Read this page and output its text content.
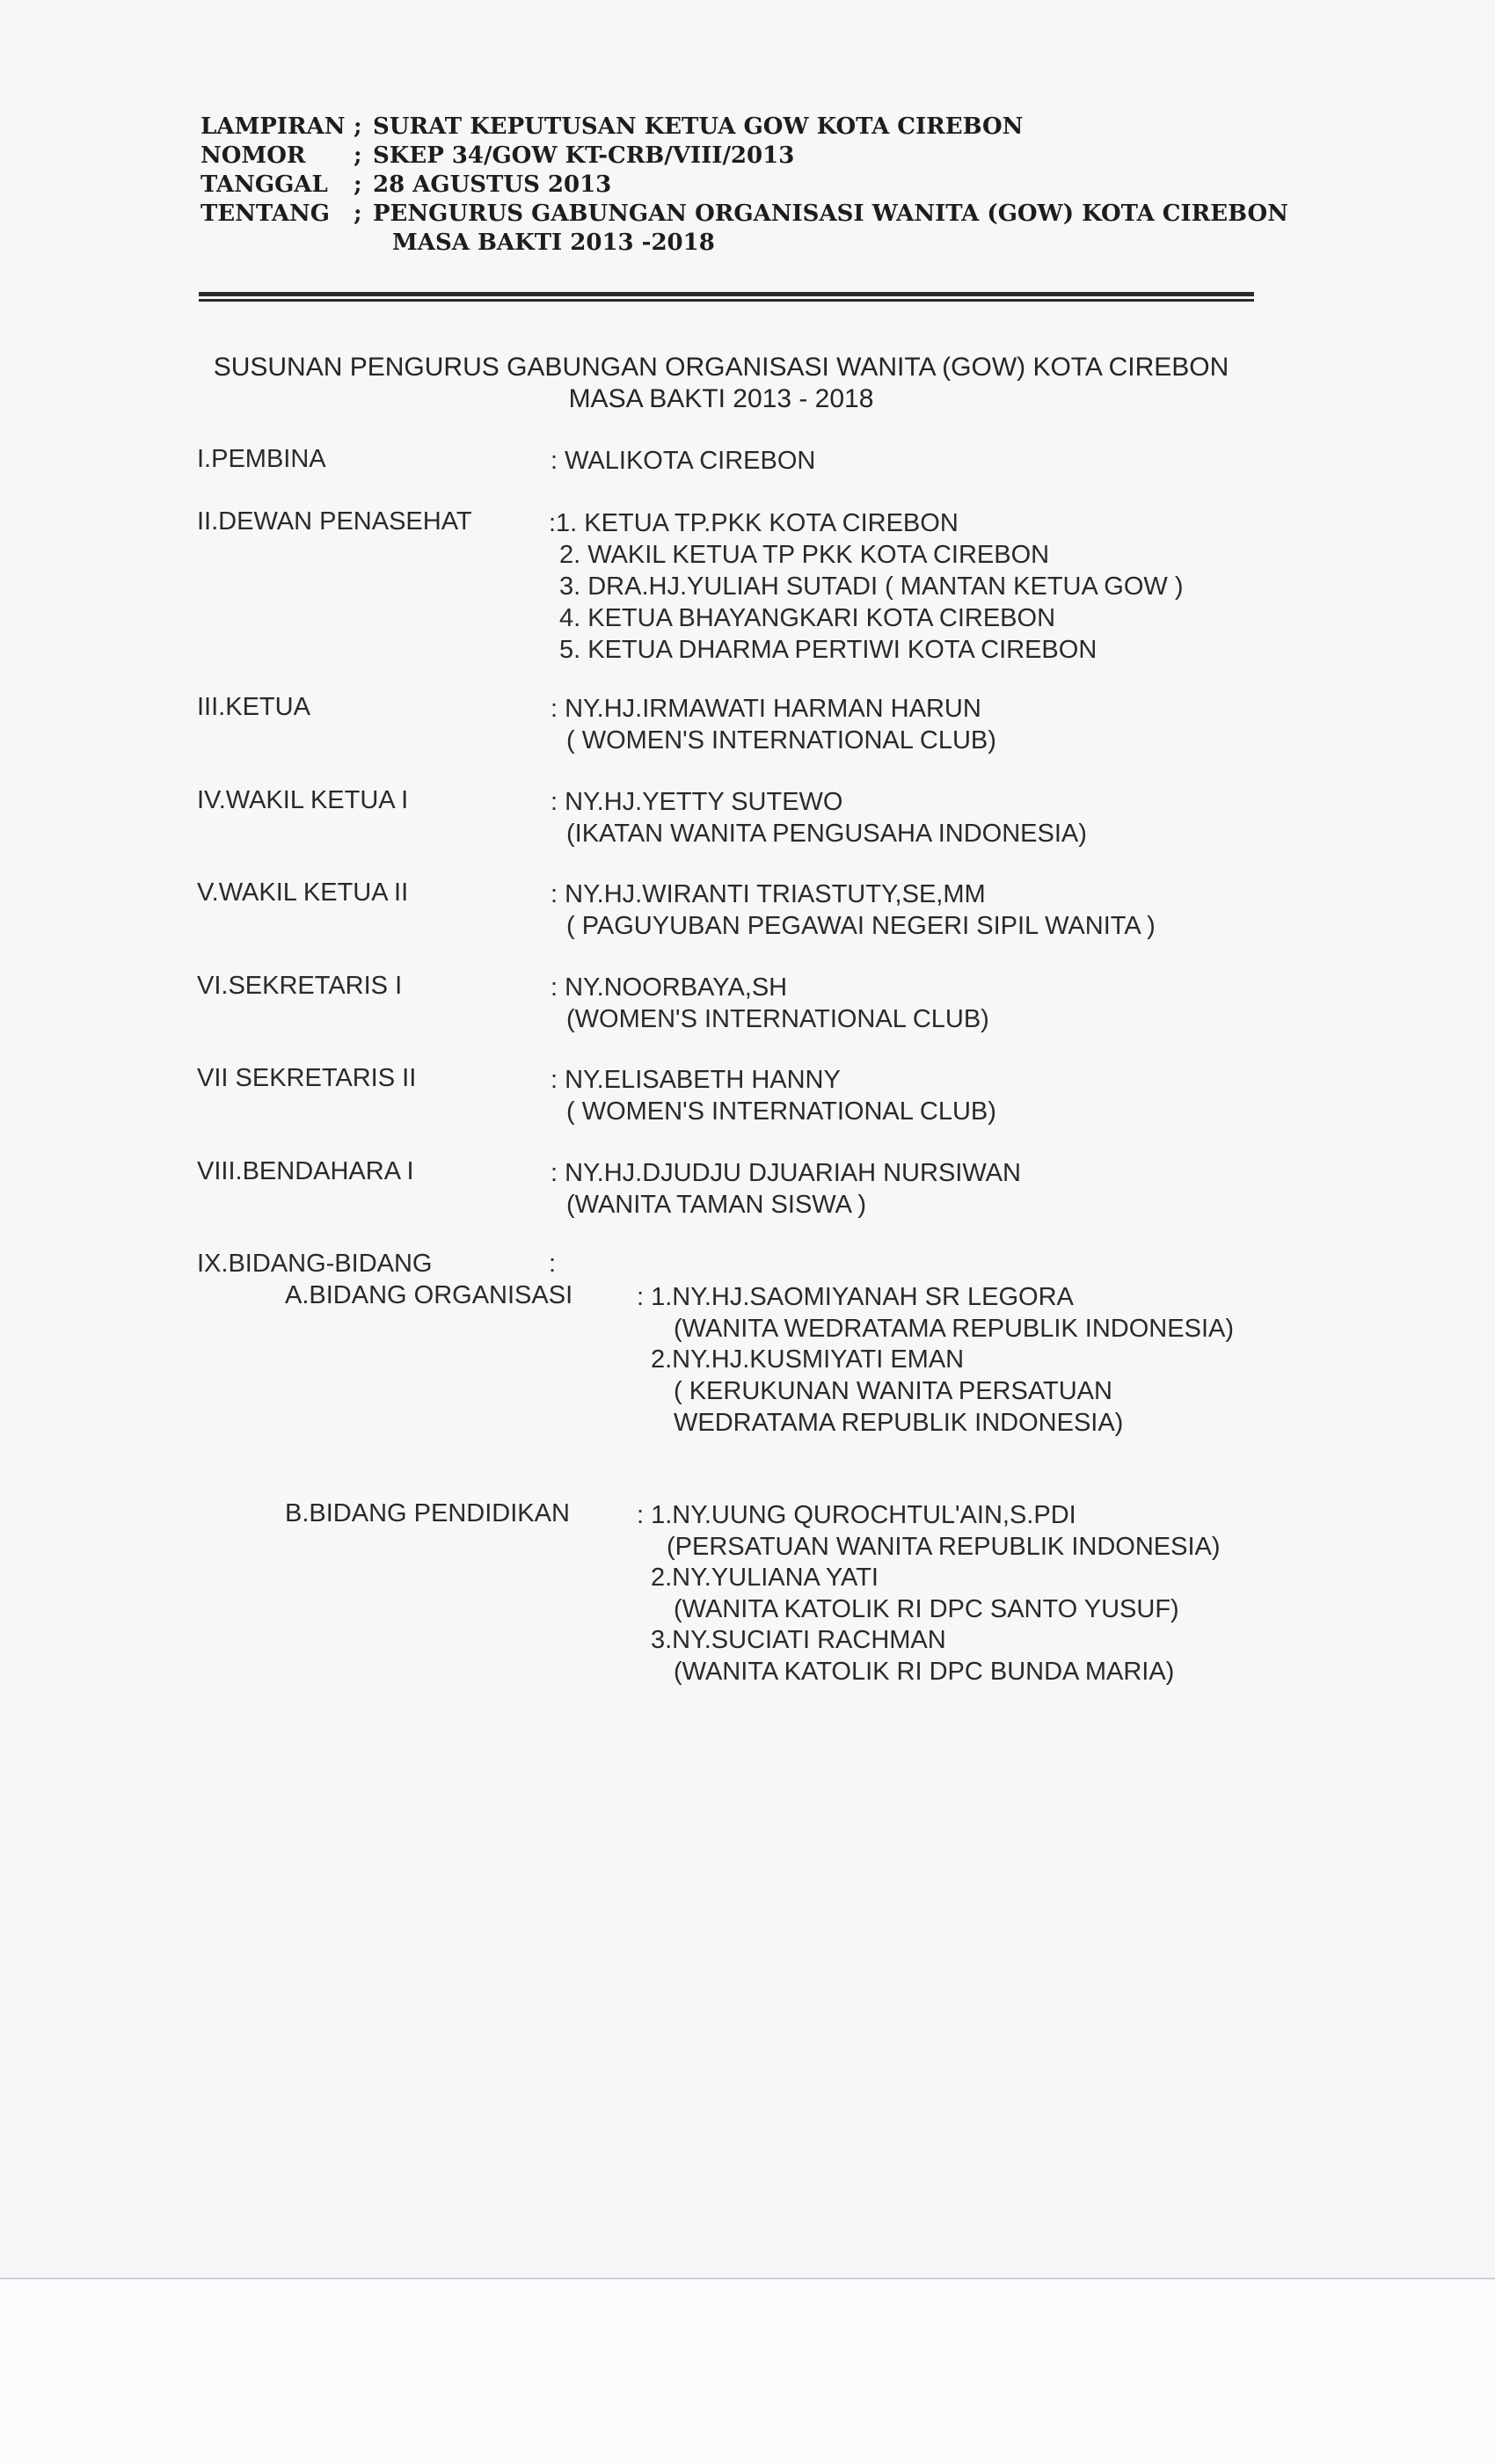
LAMPIRAN ; SURAT KEPUTUSAN KETUA GOW KOTA CIREBON
NOMOR	; SKEP 34/GOW KT-CRB/VIII/2013
TANGGAL	; 28 AGUSTUS 2013
TENTANG	; PENGURUS GABUNGAN ORGANISASI WANITA (GOW) KOTA CIREBON
MASA BAKTI 2013 -2018
SUSUNAN PENGURUS GABUNGAN ORGANISASI WANITA (GOW) KOTA CIREBON
MASA BAKTI 2013 - 2018
I.PEMBINA	: WALIKOTA CIREBON
II.DEWAN PENASEHAT	:1. KETUA TP.PKK KOTA CIREBON
2. WAKIL KETUA TP PKK KOTA CIREBON
3. DRA.HJ.YULIAH SUTADI ( MANTAN KETUA GOW )
4. KETUA BHAYANGKARI KOTA CIREBON
5. KETUA DHARMA PERTIWI KOTA CIREBON
III.KETUA	: NY.HJ.IRMAWATI HARMAN HARUN
( WOMEN'S INTERNATIONAL CLUB)
IV.WAKIL KETUA I	: NY.HJ.YETTY SUTEWO
(IKATAN WANITA PENGUSAHA INDONESIA)
V.WAKIL KETUA II	: NY.HJ.WIRANTI TRIASTUTY,SE,MM
( PAGUYUBAN PEGAWAI NEGERI SIPIL WANITA )
VI.SEKRETARIS I	: NY.NOORBAYA,SH
(WOMEN'S INTERNATIONAL CLUB)
VII SEKRETARIS II	: NY.ELISABETH HANNY
( WOMEN'S INTERNATIONAL CLUB)
VIII.BENDAHARA I	: NY.HJ.DJUDJU DJUARIAH NURSIWAN
(WANITA TAMAN SISWA )
IX.BIDANG-BIDANG	:
A.BIDANG ORGANISASI	: 1.NY.HJ.SAOMIYANAH SR LEGORA
(WANITA WEDRATAMA REPUBLIK INDONESIA)
2.NY.HJ.KUSMIYATI EMAN
( KERUKUNAN WANITA PERSATUAN
WEDRATAMA REPUBLIK INDONESIA)
B.BIDANG PENDIDIKAN	: 1.NY.UUNG QUROCHTUL'AIN,S.PDI
(PERSATUAN WANITA REPUBLIK INDONESIA)
2.NY.YULIANA YATI
(WANITA KATOLIK RI DPC SANTO YUSUF)
3.NY.SUCIATI RACHMAN
(WANITA KATOLIK RI DPC BUNDA MARIA)
